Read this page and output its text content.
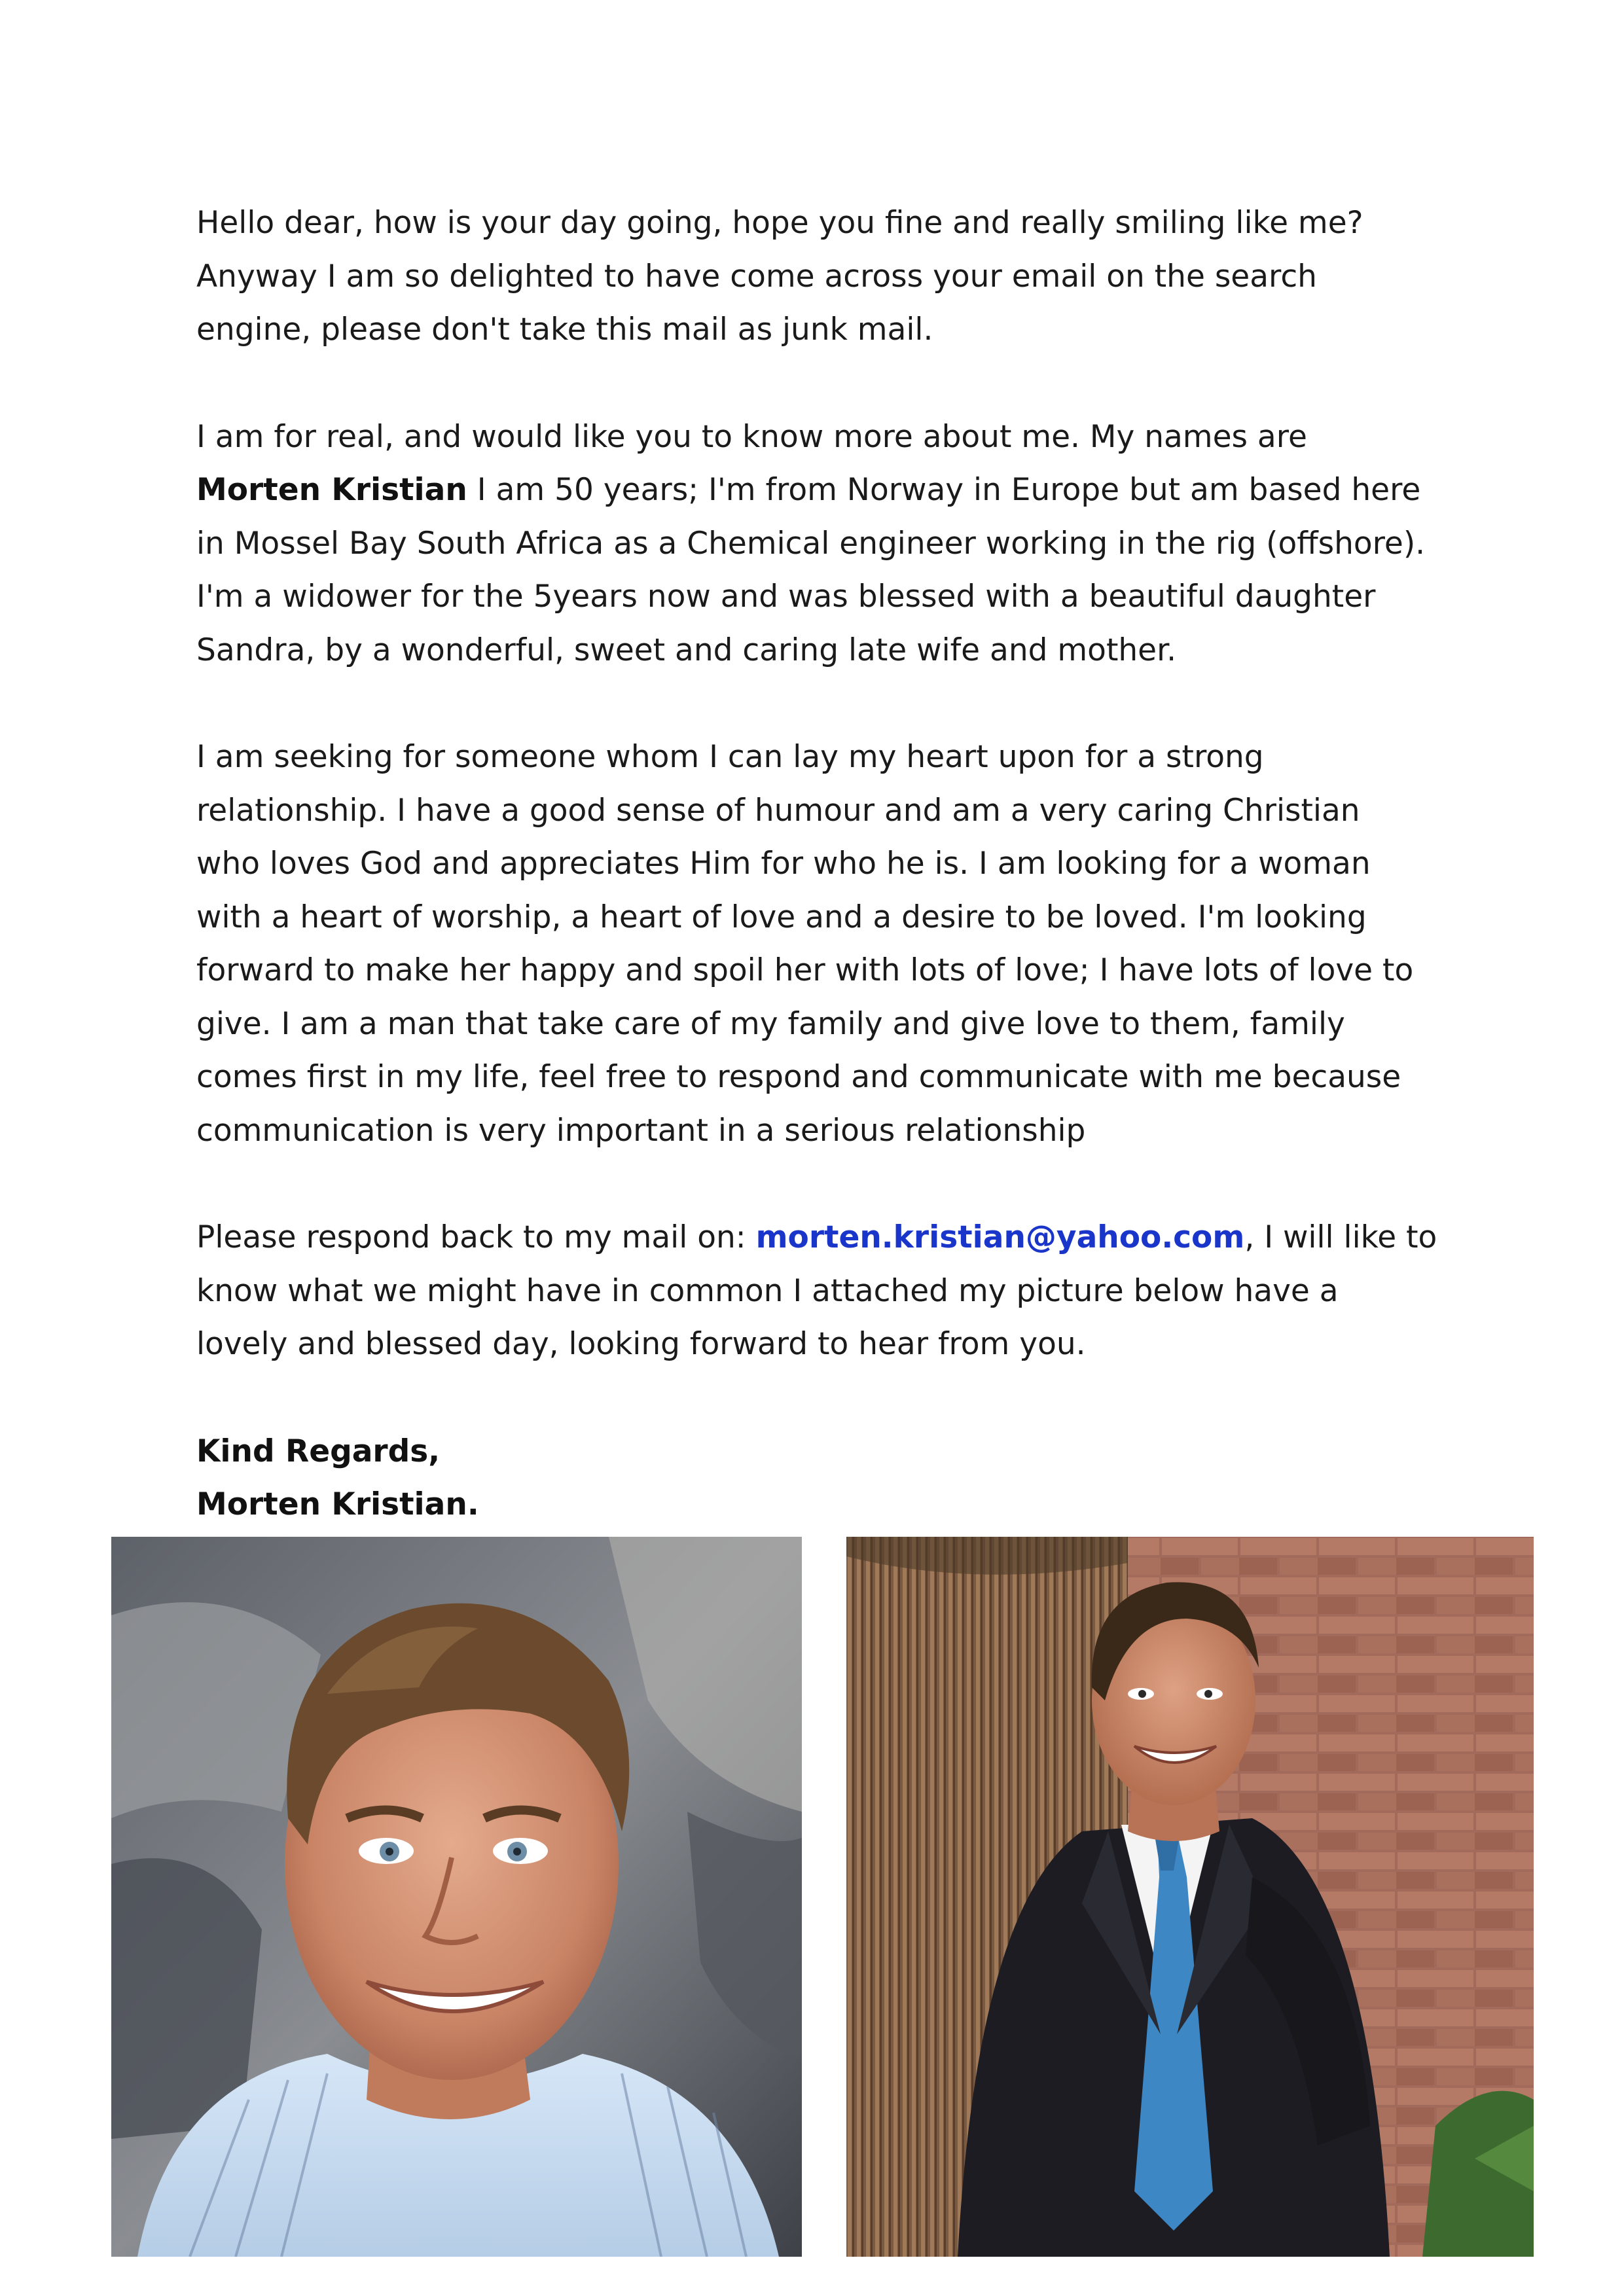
Hello dear, how is your day going, hope you fine and really smiling like me?
Anyway I am so delighted to have come across your email on the search
engine, please don't take this mail as junk mail.
I am for real, and would like you to know more about me. My names are
Morten Kristian I am 50 years; I'm from Norway in Europe but am based here
in Mossel Bay South Africa as a Chemical engineer working in the rig (offshore).
I'm a widower for the 5years now and was blessed with a beautiful daughter
Sandra, by a wonderful, sweet and caring late wife and mother.
I am seeking for someone whom I can lay my heart upon for a strong
relationship. I have a good sense of humour and am a very caring Christian
who loves God and appreciates Him for who he is. I am looking for a woman
with a heart of worship, a heart of love and a desire to be loved. I'm looking
forward to make her happy and spoil her with lots of love; I have lots of love to
give. I am a man that take care of my family and give love to them, family
comes first in my life, feel free to respond and communicate with me because
communication is very important in a serious relationship
Please respond back to my mail on: morten.kristian@yahoo.com, I will like to
know what we might have in common I attached my picture below have a
lovely and blessed day, looking forward to hear from you.
Kind Regards,
Morten Kristian.
